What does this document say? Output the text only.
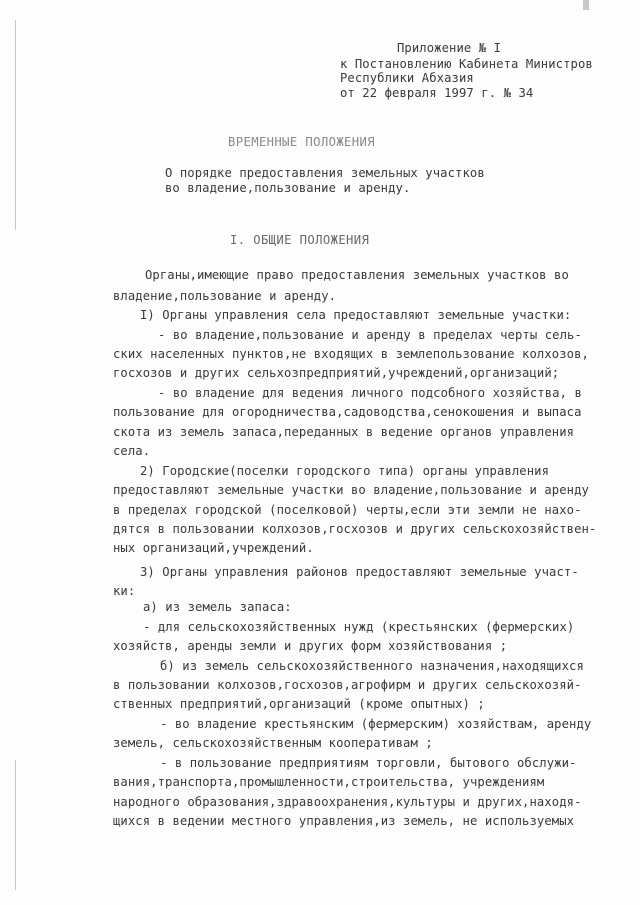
Приложение № I
к Постановлению Кабинета Министров
Республики Абхазия
от 22 февраля 1997 г. № 34
ВРЕМЕННЫЕ ПОЛОЖЕНИЯ
О порядке предоставления земельных участков
во владение,пользование и аренду.
I. ОБЩИЕ ПОЛОЖЕНИЯ
Органы,имеющие право предоставления земельных участков во
владение,пользование и аренду.
I) Органы управления села предоставляют земельные участки:
- во владение,пользование и аренду в пределах черты сель-
ских населенных пунктов,не входящих в землепользование колхозов,
госхозов и других сельхозпредприятий,учреждений,организаций;
- во владение для ведения личного подсобного хозяйства, в
пользование для огородничества,садоводства,сенокошения и выпаса
скота из земель запаса,переданных в ведение органов управления
села.
2) Городские(поселки городского типа) органы управления
предоставляют земельные участки во владение,пользование и аренду
в пределах городской (поселковой) черты,если эти земли не нахо-
дятся в пользовании колхозов,госхозов и других сельскохозяйствен-
ных организаций,учреждений.
3) Органы управления районов предоставляют земельные участ-
ки:
а) из земель запаса:
- для сельскохозяйственных нужд (крестьянских (фермерских)
хозяйств, аренды земли и других форм хозяйствования ;
б) из земель сельскохозяйственного назначения,находящихся
в пользовании колхозов,госхозов,агрофирм и других сельскохозяй-
ственных предприятий,организаций (кроме опытных) ;
- во владение крестьянским (фермерским) хозяйствам, аренду
земель, сельскохозяйственным кооперативам ;
- в пользование предприятиям торговли, бытового обслужи-
вания,транспорта,промышленности,строительства, учреждениям
народного образования,здравоохранения,культуры и других,находя-
щихся в ведении местного управления,из земель, не используемых
